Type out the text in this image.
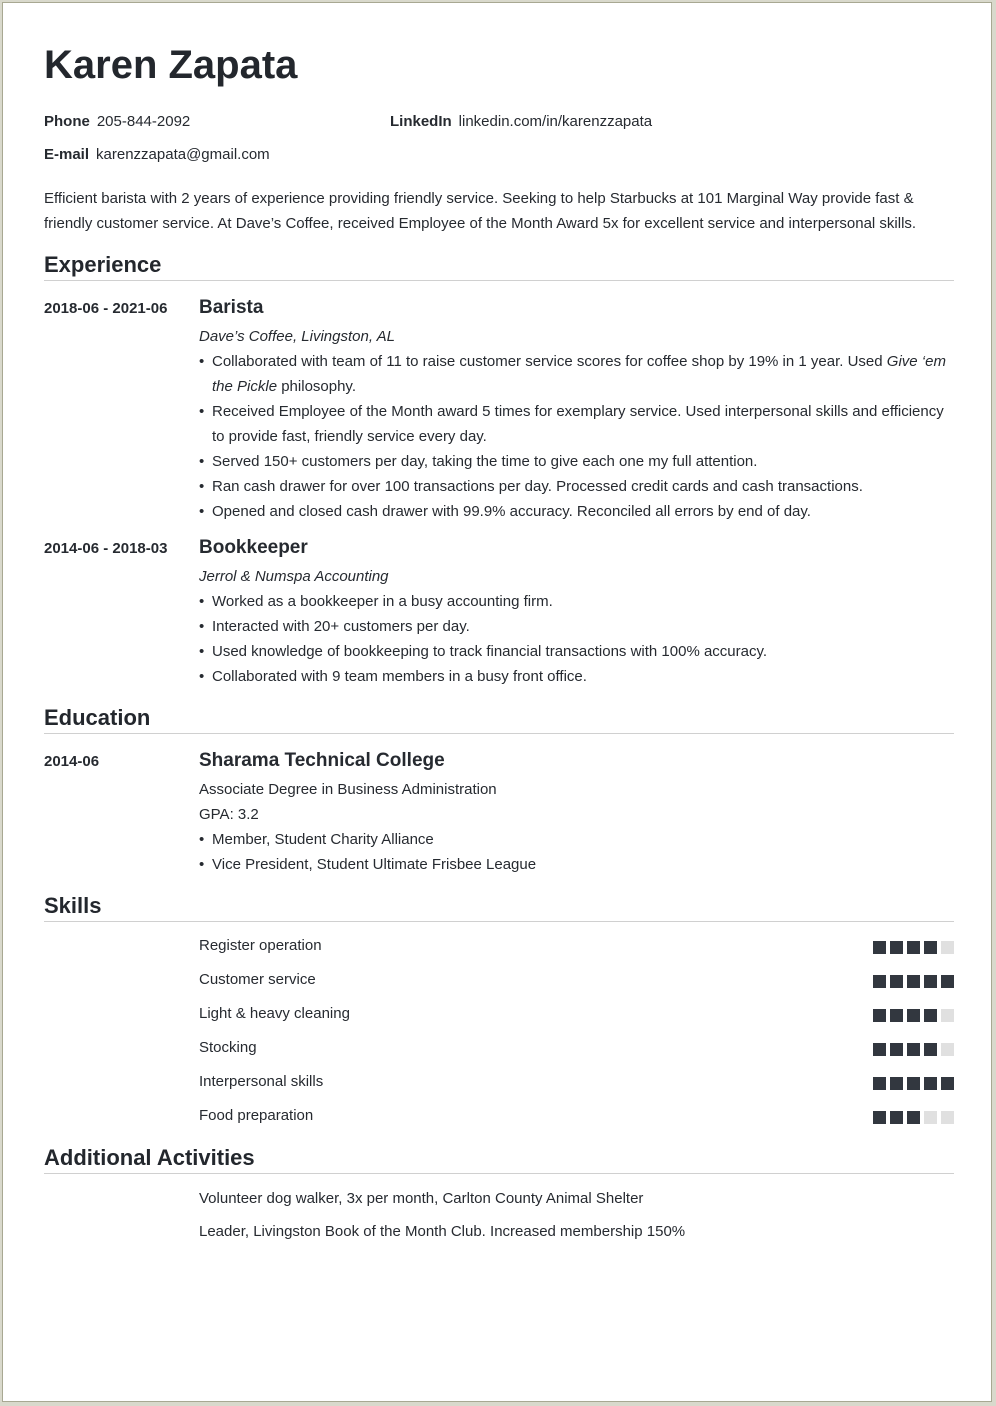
Karen Zapata
Phone 205-844-2092	LinkedIn linkedin.com/in/karenzzapata
E-mail karenzzapata@gmail.com
Efficient barista with 2 years of experience providing friendly service. Seeking to help Starbucks at 101 Marginal Way provide fast & friendly customer service. At Dave’s Coffee, received Employee of the Month Award 5x for excellent service and interpersonal skills.
Experience
2018-06 - 2021-06 Barista
Dave’s Coffee, Livingston, AL
• Collaborated with team of 11 to raise customer service scores for coffee shop by 19% in 1 year. Used Give ‘em the Pickle philosophy.
• Received Employee of the Month award 5 times for exemplary service. Used interpersonal skills and efficiency to provide fast, friendly service every day.
• Served 150+ customers per day, taking the time to give each one my full attention.
• Ran cash drawer for over 100 transactions per day. Processed credit cards and cash transactions.
• Opened and closed cash drawer with 99.9% accuracy. Reconciled all errors by end of day.
2014-06 - 2018-03 Bookkeeper
Jerrol & Numspa Accounting
• Worked as a bookkeeper in a busy accounting firm.
• Interacted with 20+ customers per day.
• Used knowledge of bookkeeping to track financial transactions with 100% accuracy.
• Collaborated with 9 team members in a busy front office.
Education
2014-06	Sharama Technical College
Associate Degree in Business Administration
GPA: 3.2
• Member, Student Charity Alliance
• Vice President, Student Ultimate Frisbee League
Skills
Register operation
Customer service
Light & heavy cleaning
Stocking
Interpersonal skills
Food preparation
Additional Activities
Volunteer dog walker, 3x per month, Carlton County Animal Shelter
Leader, Livingston Book of the Month Club. Increased membership 150%
